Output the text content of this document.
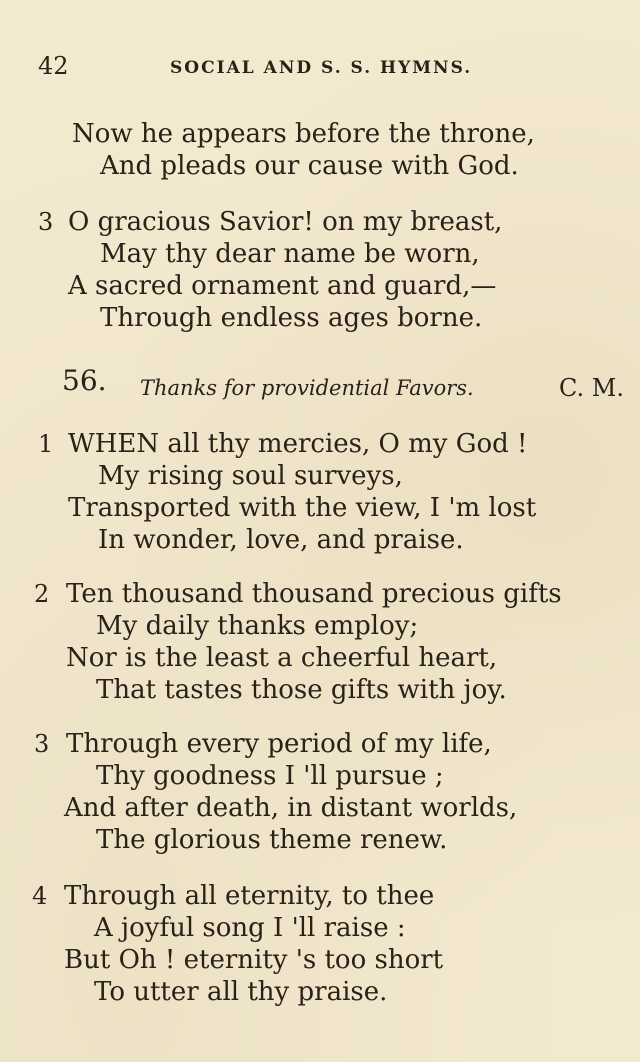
42	SOCIAL AND S. S. HYMNS.
Now he appears before the throne,
And pleads our cause with God.
3 O gracious Savior! on my breast,
May thy dear name be worn,
A sacred ornament and guard,—
Through endless ages borne.
56. Thanks for providential Favors.	C. M.
1 WHEN all thy mercies, O my God !
My rising soul surveys,
Transported with the view, I 'm lost
In wonder, love, and praise.
2 Ten thousand thousand precious gifts
My daily thanks employ;
Nor is the least a cheerful heart,
That tastes those gifts with joy.
3 Through every period of my life,
Thy goodness I 'll pursue ;
And after death, in distant worlds,
The glorious theme renew.
4 Through all eternity, to thee
A joyful song I 'll raise :
But Oh ! eternity 's too short
To utter all thy praise.
